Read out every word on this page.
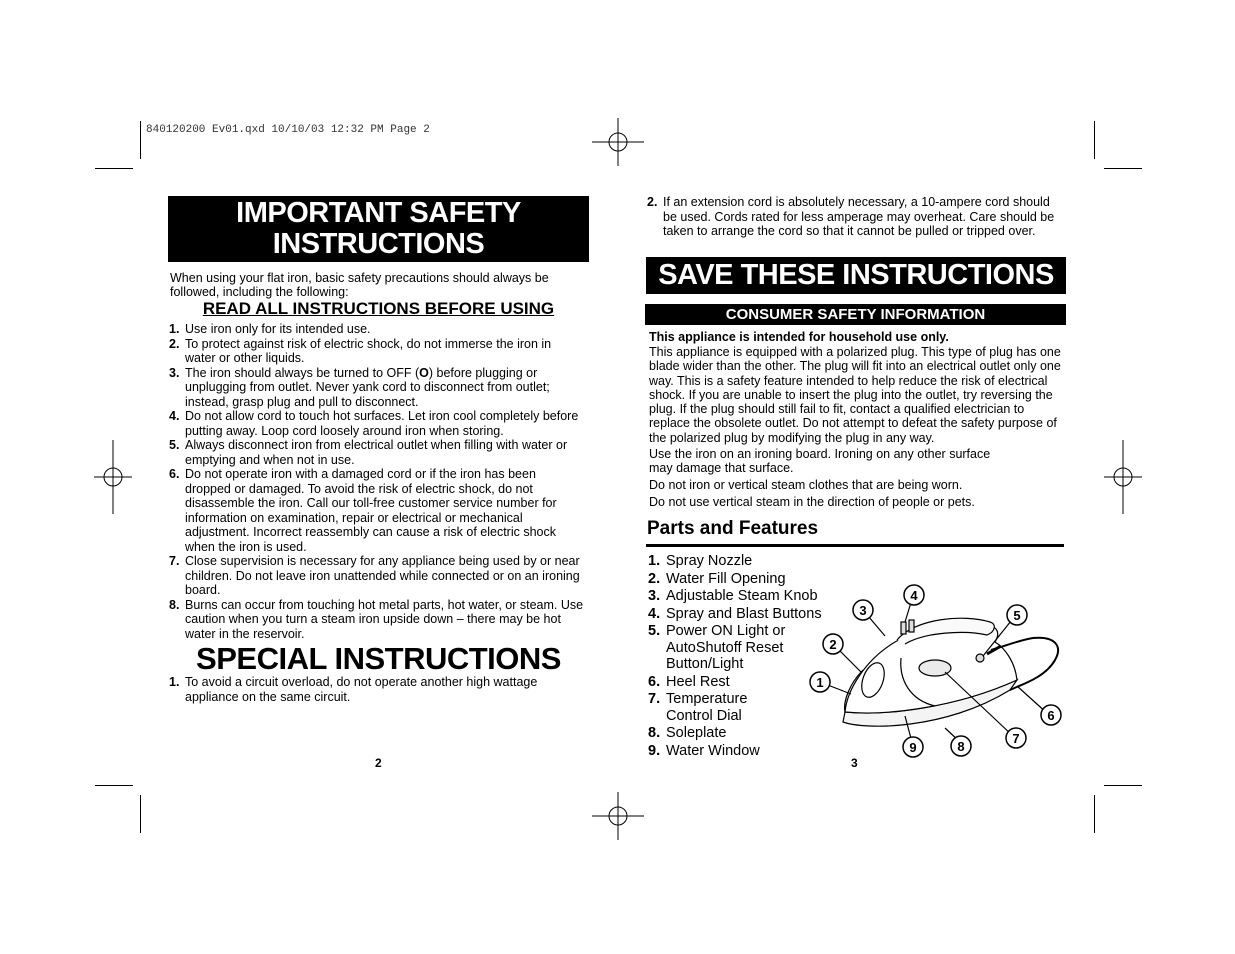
840120200 Ev01.qxd 10/10/03 12:32 PM Page 2
IMPORTANT SAFETY
INSTRUCTIONS
When using your flat iron, basic safety precautions should always be followed, including the following:
READ ALL INSTRUCTIONS BEFORE USING
1. Use iron only for its intended use.
2. To protect against risk of electric shock, do not immerse the iron in water or other liquids.
3. The iron should always be turned to OFF (O) before plugging or unplugging from outlet. Never yank cord to disconnect from outlet; instead, grasp plug and pull to disconnect.
4. Do not allow cord to touch hot surfaces. Let iron cool completely before putting away. Loop cord loosely around iron when storing.
5. Always disconnect iron from electrical outlet when filling with water or emptying and when not in use.
6. Do not operate iron with a damaged cord or if the iron has been dropped or damaged. To avoid the risk of electric shock, do not disassemble the iron. Call our toll-free customer service number for information on examination, repair or electrical or mechanical adjustment. Incorrect reassembly can cause a risk of electric shock when the iron is used.
7. Close supervision is necessary for any appliance being used by or near children. Do not leave iron unattended while connected or on an ironing board.
8. Burns can occur from touching hot metal parts, hot water, or steam. Use caution when you turn a steam iron upside down – there may be hot water in the reservoir.
SPECIAL INSTRUCTIONS
1. To avoid a circuit overload, do not operate another high wattage appliance on the same circuit.
2
2. If an extension cord is absolutely necessary, a 10-ampere cord should be used. Cords rated for less amperage may overheat. Care should be taken to arrange the cord so that it cannot be pulled or tripped over.
SAVE THESE INSTRUCTIONS
CONSUMER SAFETY INFORMATION
This appliance is intended for household use only.
This appliance is equipped with a polarized plug. This type of plug has one blade wider than the other. The plug will fit into an electrical outlet only one way. This is a safety feature intended to help reduce the risk of electrical shock. If you are unable to insert the plug into the outlet, try reversing the plug. If the plug should still fail to fit, contact a qualified electrician to replace the obsolete outlet. Do not attempt to defeat the safety purpose of the polarized plug by modifying the plug in any way.
Use the iron on an ironing board. Ironing on any other surface
may damage that surface.
Do not iron or vertical steam clothes that are being worn.
Do not use vertical steam in the direction of people or pets.
Parts and Features
1. Spray Nozzle
2. Water Fill Opening
3. Adjustable Steam Knob
4. Spray and Blast Buttons
5. Power ON Light or AutoShutoff Reset Button/Light
6. Heel Rest
7. Temperature Control Dial
8. Soleplate
9. Water Window
1
2
3
4
5
6
7
8
9
3
